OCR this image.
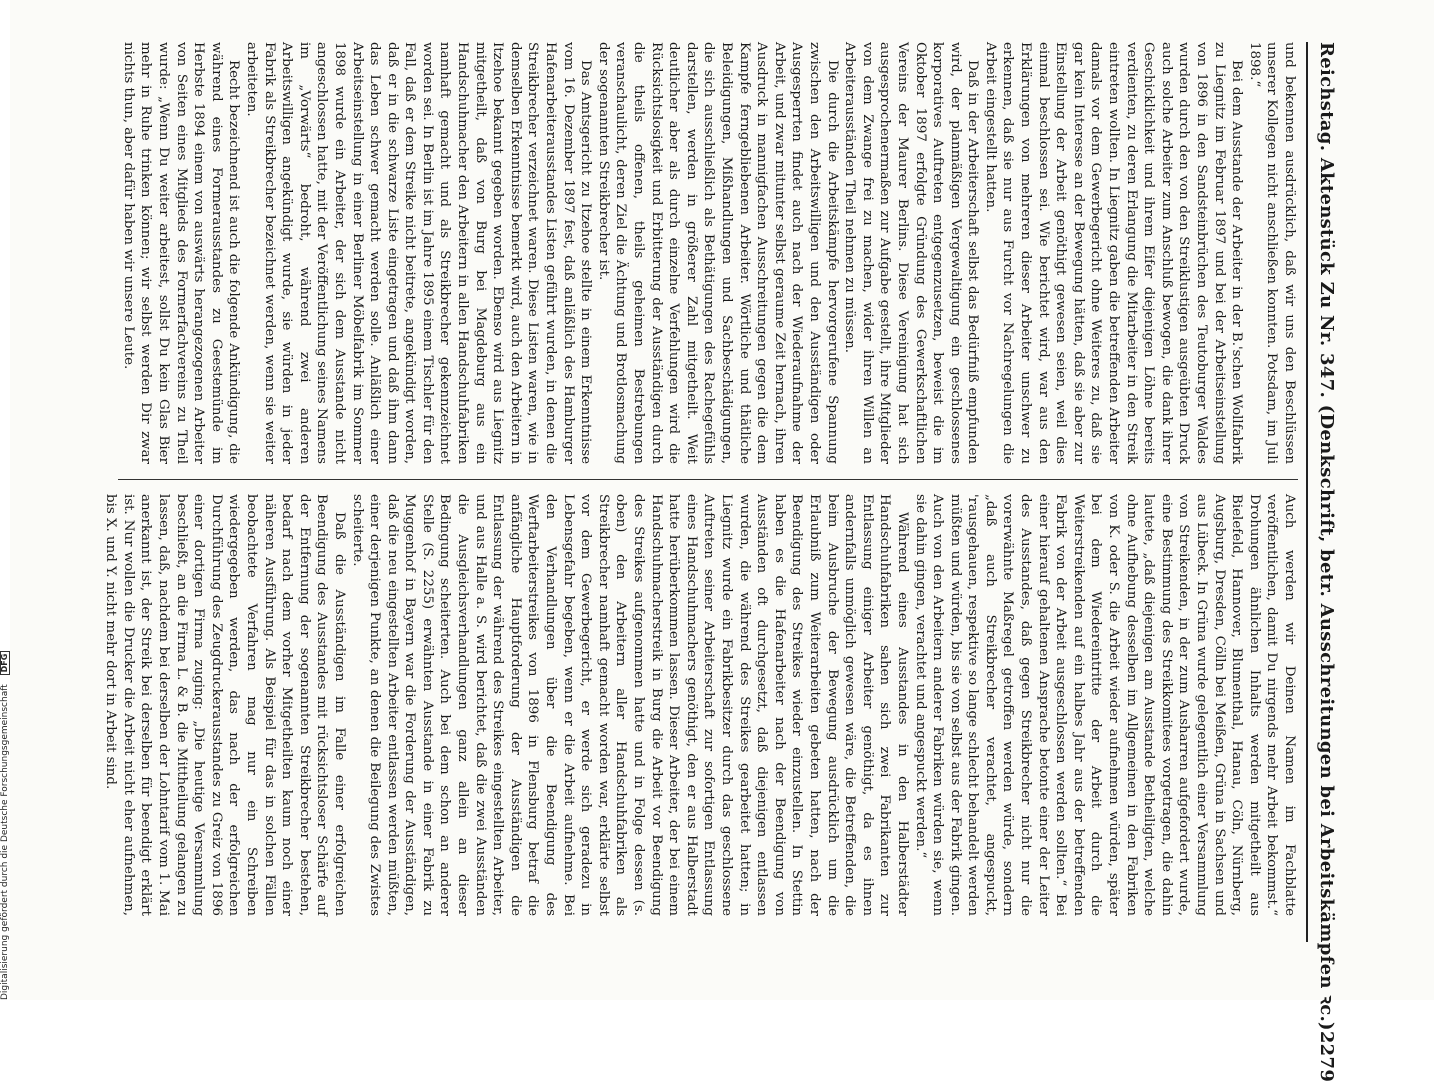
Digitalisierung gefördert durch die Deutsche Forschungsgemeinschaft DFG	Reichstag. Aktenstück Zu Nr. 347. (Denkschrift, betr. Ausschreitungen bei Arbeitskämpfen ꝛc.)
2279

und bekennen ausdrücklich, daß wir uns den Beschlüssen unserer Kollegen nicht anschließen konnten. Potsdam, im Juli 1898.“

Bei dem Ausstande der Arbeiter in der B.'schen Wollfabrik zu Liegnitz im Februar 1897 und bei der Arbeitseinstellung von 1896 in den Sandsteinbrüchen des Teutoburger Waldes wurden durch den von den Streiklustigen ausgeübten Druck auch solche Arbeiter zum Anschluß bewogen, die dank ihrer Geschicklichkeit und ihrem Eifer diejenigen Löhne bereits verdienten, zu deren Erlangung die Mitarbeiter in den Streik eintreten wollten. In Liegnitz gaben die betreffenden Arbeiter damals vor dem Gewerbegericht ohne Weiteres zu, daß sie gar kein Interesse an der Bewegung hätten, daß sie aber zur Einstellung der Arbeit genöthigt gewesen seien, weil dies einmal beschlossen sei. Wie berichtet wird, war aus den Erklärungen von mehreren dieser Arbeiter unschwer zu erkennen, daß sie nur aus Furcht vor Nachregelungen die Arbeit eingestellt hatten.

Daß in der Arbeiterschaft selbst das Bedürfniß empfunden wird, der planmäßigen Vergewaltigung ein geschlossenes korporatives Auftreten entgegenzusetzen, beweist die im Oktober 1897 erfolgte Gründung des Gewerkschaftlichen Vereins der Maurer Berlins. Diese Vereinigung hat sich ausgesprochenermaßen zur Aufgabe gestellt, ihre Mitglieder von dem Zwange frei zu machen, wider ihren Willen an Arbeiterausständen Theil nehmen zu müssen.

Die durch die Arbeitskämpfe hervorgerufene Spannung zwischen den Arbeitswilligen und den Ausständigen oder Ausgesperrten findet auch nach der Wiederaufnahme der Arbeit, und zwar mitunter selbst geraume Zeit hernach, ihren Ausdruck in mannigfachen Ausschreitungen gegen die dem Kampfe ferngebliebenen Arbeiter. Wörtliche und thätliche Beleidigungen, Mißhandlungen und Sachbeschädigungen, die sich ausschließlich als Bethätigungen des Rachegefühls darstellen, werden in größerer Zahl mitgetheilt. Weit deutlicher aber als durch einzelne Verfehlungen wird die Rücksichtslosigkeit und Erbitterung der Ausständigen durch die theils offenen, theils geheimen Bestrebungen veranschaulicht, deren Ziel die Ächtung und Brotlosmachung der sogenannten Streikbrecher ist.

Das Amtsgericht zu Itzehoe stellte in einem Erkenntnisse vom 16. Dezember 1897 fest, daß anläßlich des Hamburger Hafenarbeiterausstandes Listen geführt wurden, in denen die Streikbrecher verzeichnet waren. Diese Listen waren, wie in demselben Erkenntnisse bemerkt wird, auch den Arbeitern in Itzehoe bekannt gegeben worden. Ebenso wird aus Liegnitz mitgetheilt, daß von Burg bei Magdeburg aus ein Handschuhmacher den Arbeitern in allen Handschuhfabriken namhaft gemacht und als Streikbrecher gekennzeichnet worden sei. In Berlin ist im Jahre 1895 einem Tischler für den Fall, daß er dem Streike nicht beitrete, angekündigt worden, daß er in die schwarze Liste eingetragen und daß ihm dann das Leben schwer gemacht werden solle. Anläßlich einer Arbeitseinstellung in einer Berliner Möbelfabrik im Sommer 1898 wurde ein Arbeiter, der sich dem Ausstande nicht angeschlossen hatte, mit der Veröffentlichung seines Namens im „Vorwärts“ bedroht, während zwei anderen Arbeitswilligen angekündigt wurde, sie würden in jeder Fabrik als Streikbrecher bezeichnet werden, wenn sie weiter arbeiteten.

Recht bezeichnend ist auch die folgende Ankündigung, die während eines Formerausstandes zu Geestemünde im Herbste 1894 einem von auswärts herangezogenen Arbeiter von Seiten eines Mitglieds des Formerfachvereins zu Theil wurde: „Wenn Du weiter arbeitest, sollst Du kein Glas Bier mehr in Ruhe trinken können; wir selbst werden Dir zwar nichts thun, aber dafür haben wir unsere Leute.

Auch werden wir Deinen Namen im Fachblatte veröffentlichen, damit Du nirgends mehr Arbeit bekommst.“ Drohungen ähnlichen Inhalts werden mitgetheilt aus Bielefeld, Hannover, Blumenthal, Hanau, Cöln, Nürnberg, Augsburg, Dresden, Cölln bei Meißen, Grüna in Sachsen und aus Lübeck. In Grüna wurde gelegentlich einer Versammlung von Streikenden, in der zum Ausharren aufgefordert wurde, eine Bestimmung des Streikkomitees vorgetragen, die dahin lautete, „daß diejenigen am Ausstande Betheiligten, welche ohne Aufhebung desselben im Allgemeinen in den Fabriken von K. oder S. die Arbeit wieder aufnehmen würden, später bei dem Wiedereintritte der Arbeit durch die Weiterstreikenden auf ein halbes Jahr aus der betreffenden Fabrik von der Arbeit ausgeschlossen werden sollten.“ Bei einer hierauf gehaltenen Ansprache betonte einer der Leiter des Ausstandes, daß gegen Streikbrecher nicht nur die vorerwähnte Maßregel getroffen werden würde, sondern „daß auch Streikbrecher verachtet, angespuckt, 'rausgehauen, respektive so lange schlecht behandelt werden müßten und würden, bis sie von selbst aus der Fabrik gingen. Auch von den Arbeitern anderer Fabriken würden sie, wenn sie dahin gingen, verachtet und angespuckt werden.“

Während eines Ausstandes in den Halberstädter Handschuhfabriken sahen sich zwei Fabrikanten zur Entlassung einiger Arbeiter genöthigt, da es ihnen andernfalls unmöglich gewesen wäre, die Betreffenden, die beim Ausbruche der Bewegung ausdrücklich um die Erlaubniß zum Weiterarbeiten gebeten hatten, nach der Beendigung des Streikes wieder einzustellen. In Stettin haben es die Hafenarbeiter nach der Beendigung von Ausständen oft durchgesetzt, daß diejenigen entlassen wurden, die während des Streikes gearbeitet hatten; in Liegnitz wurde ein Fabrikbesitzer durch das geschlossene Auftreten seiner Arbeiterschaft zur sofortigen Entlassung eines Handschuhmachers genöthigt, den er aus Halberstadt hatte herüberkommen lassen. Dieser Arbeiter, der bei einem Handschuhmacherstreik in Burg die Arbeit vor Beendigung des Streikes aufgenommen hatte und in Folge dessen (s. oben) den Arbeitern aller Handschuhfabriken als Streikbrecher namhaft gemacht worden war, erklärte selbst vor dem Gewerbegericht, er werde sich geradezu in Lebensgefahr begeben, wenn er die Arbeit aufnehme. Bei den Verhandlungen über die Beendigung des Werftarbeiterstreikes von 1896 in Flensburg betraf die anfängliche Hauptforderung der Ausständigen die Entlassung der während des Streikes eingestellten Arbeiter, und aus Halle a. S. wird berichtet, daß die zwei Ausständen die Ausgleichsverhandlungen ganz allein an dieser Bedingung scheiterten. Auch bei dem schon an anderer Stelle (S. 2255) erwähnten Ausstande in einer Fabrik zu Muggenhof in Bayern war die Forderung der Ausständigen, daß die neu eingestellten Arbeiter entlassen werden müßten, einer derjenigen Punkte, an denen die Beilegung des Zwistes scheiterte.

Daß die Ausständigen im Falle einer erfolgreichen Beendigung des Ausstandes mit rücksichtsloser Schärfe auf der Entfernung der sogenannten Streikbrecher bestehen, bedarf nach dem vorher Mitgetheilten kaum noch einer näheren Ausführung. Als Beispiel für das in solchen Fällen beobachtete Verfahren mag nur ein Schreiben wiedergegeben werden, das nach der erfolgreichen Durchführung des Zeugdruckerausstandes zu Greiz von 1896 einer dortigen Firma zuging: „Die heutige Versammlung beschließt, an die Firma L. & B. die Mittheilung gelangen zu lassen, daß, nachdem bei derselben der Lohntarif vom 1. Mai anerkannt ist, der Streik bei derselben für beendigt erklärt ist. Nur wollen die Drucker die Arbeit nicht eher aufnehmen, bis X. und Y. nicht mehr dort in Arbeit sind.
